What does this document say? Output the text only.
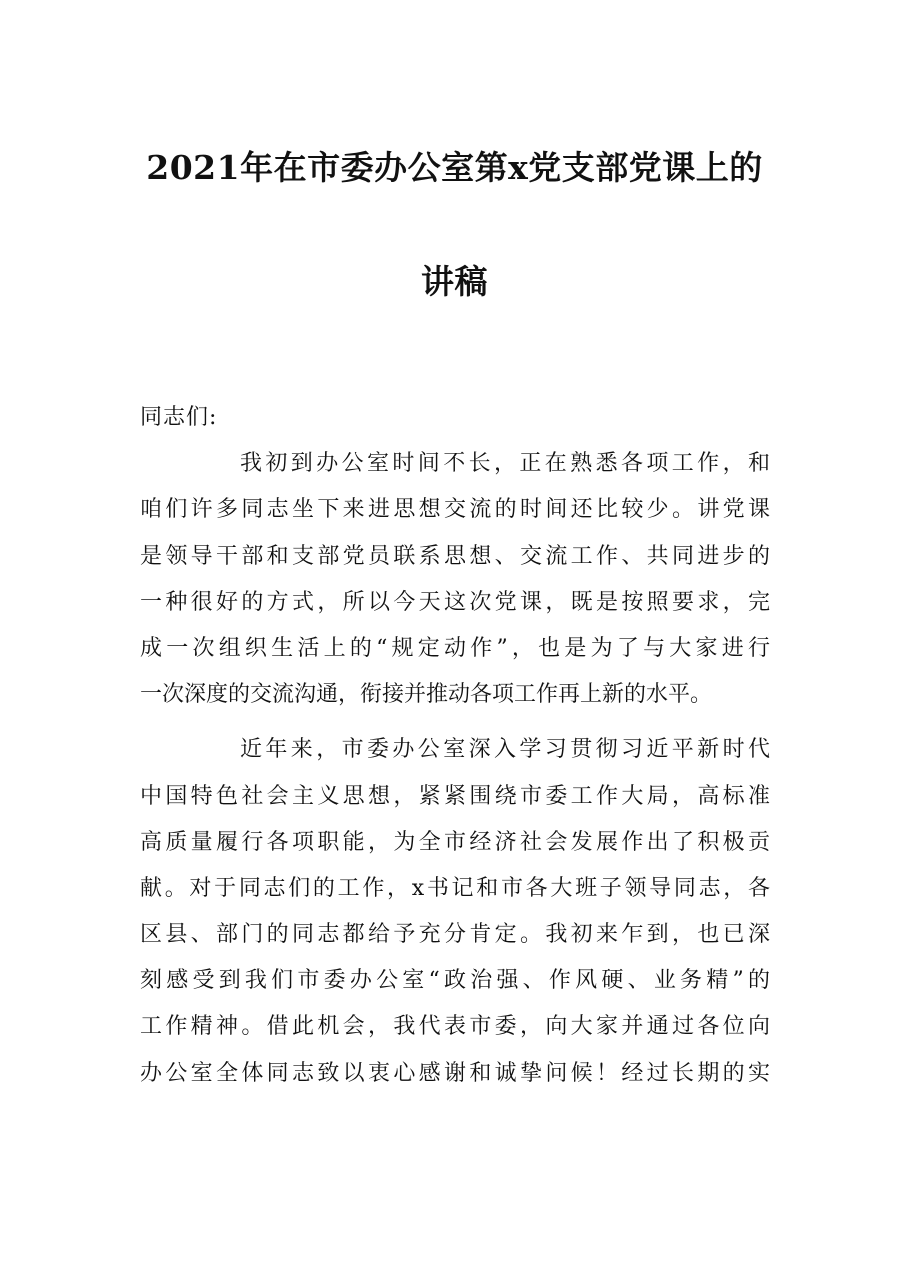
2021年在市委办公室第x党支部党课上的
讲稿

同志们:

我初到办公室时间不长，正在熟悉各项工作，和
咱们许多同志坐下来进思想交流的时间还比较少。讲党课
是领导干部和支部党员联系思想、交流工作、共同进步的
一种很好的方式，所以今天这次党课，既是按照要求，完
成一次组织生活上的“规定动作”，也是为了与大家进行
一次深度的交流沟通，衔接并推动各项工作再上新的水平。
近年来，市委办公室深入学习贯彻习近平新时代
中国特色社会主义思想，紧紧围绕市委工作大局，高标准
高质量履行各项职能，为全市经济社会发展作出了积极贡
献。对于同志们的工作，x书记和市各大班子领导同志，各
区县、部门的同志都给予充分肯定。我初来乍到，也已深
刻感受到我们市委办公室“政治强、作风硬、业务精”的
工作精神。借此机会，我代表市委，向大家并通过各位向
办公室全体同志致以衷心感谢和诚挚问候！经过长期的实
